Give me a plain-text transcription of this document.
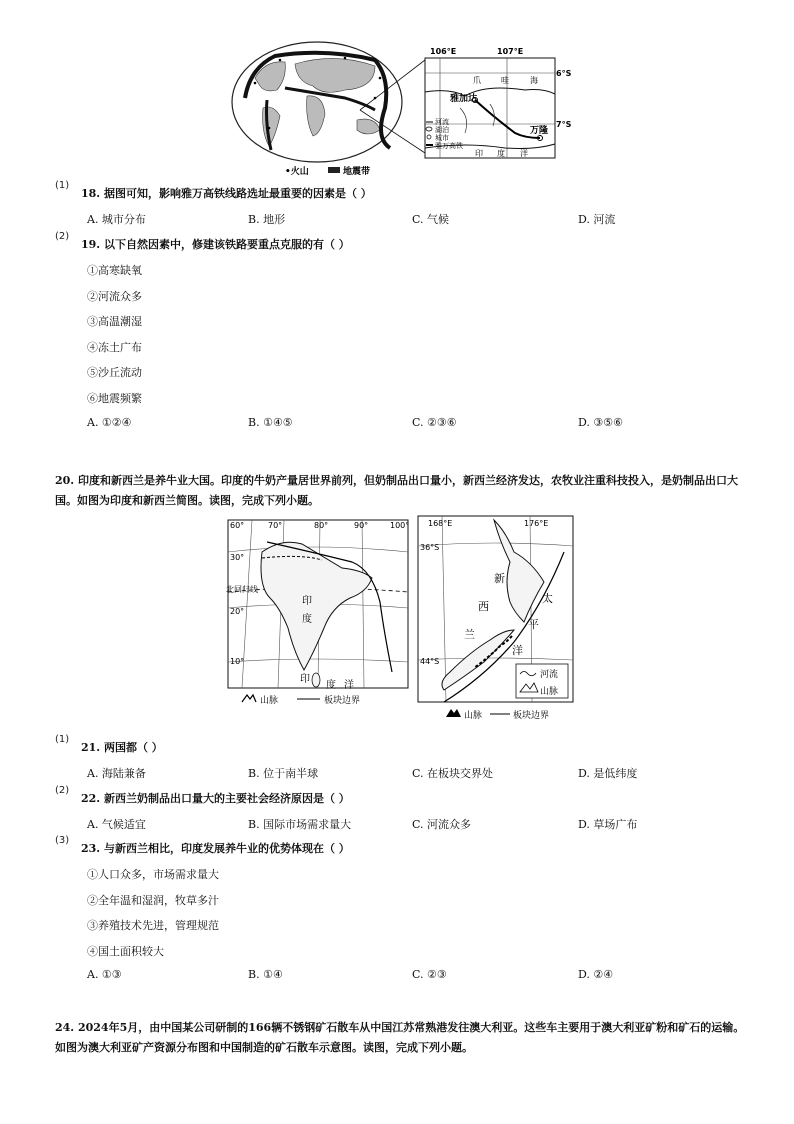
106°E	107°E
6°S
7°S
爪	哇	海
雅加达
万隆
印 度 洋
河流
湖泊
城市
雅万高铁
•火山	地震带
(1)
18. 据图可知，影响雅万高铁线路选址最重要的因素是（ ）
A. 城市分布	B. 地形	C. 气候	D. 河流
(2)
19. 以下自然因素中，修建该铁路要重点克服的有（ ）
①高寒缺氧
②河流众多
③高温潮湿
④冻土广布
⑤沙丘流动
⑥地震频繁
A. ①②④	B. ①④⑤	C. ②③⑥	D. ③⑤⑥
20. 印度和新西兰是养牛业大国。印度的牛奶产量居世界前列，但奶制品出口量小，新西兰经济发达，农牧业注重科技投入，是奶制品出口大国。如图为印度和新西兰简图。读图，完成下列小题。
60°	70°	80°	90°	100°
30°
20°
10°
北回归线
印
度
印
度 洋
山脉	板块边界
168°E	176°E
36°S
44°S
新
西
兰
太
平
洋
河流
山脉
山脉	板块边界
(1)
21. 两国都（ ）
A. 海陆兼备	B. 位于南半球	C. 在板块交界处	D. 是低纬度
(2)
22. 新西兰奶制品出口量大的主要社会经济原因是（ ）
A. 气候适宜	B. 国际市场需求量大	C. 河流众多	D. 草场广布
(3)
23. 与新西兰相比，印度发展养牛业的优势体现在（ ）
①人口众多，市场需求量大
②全年温和湿润，牧草多汁
③养殖技术先进，管理规范
④国土面积较大
A. ①③	B. ①④	C. ②③	D. ②④
24. 2024年5月，由中国某公司研制的166辆不锈钢矿石散车从中国江苏常熟港发往澳大利亚。这些车主要用于澳大利亚矿粉和矿石的运输。如图为澳大利亚矿产资源分布图和中国制造的矿石散车示意图。读图，完成下列小题。
